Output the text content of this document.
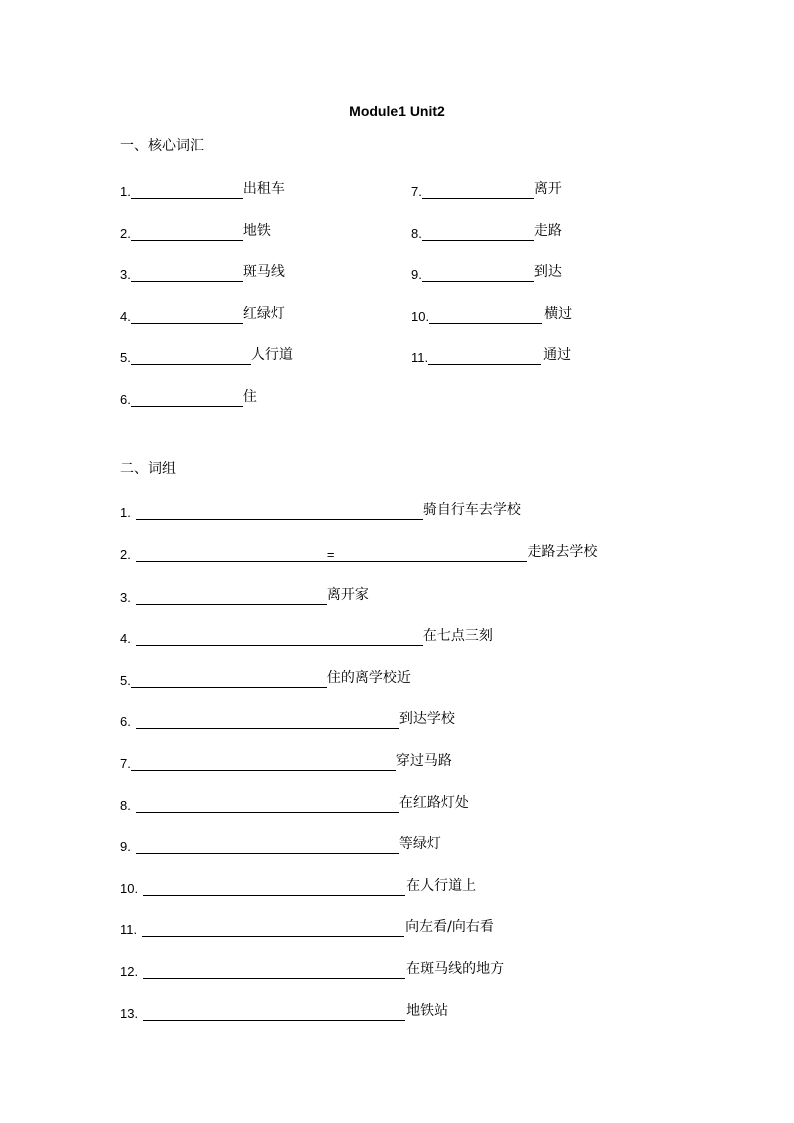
Module1 Unit2
一、核心词汇
1.	出租车
2.	地铁
3.	斑马线
4.	红绿灯
5.	人行道
6.	住
7.	离开
8.	走路
9.	到达
10.	横过
11.	通过
二、词组
1.	骑自行车去学校
2.	=	走路去学校
3.	离开家
4.	在七点三刻
5.	住的离学校近
6.	到达学校
7.	穿过马路
8.	在红路灯处
9.	等绿灯
10.	在人行道上
11.	向左看/向右看
12.	在斑马线的地方
13.	地铁站
